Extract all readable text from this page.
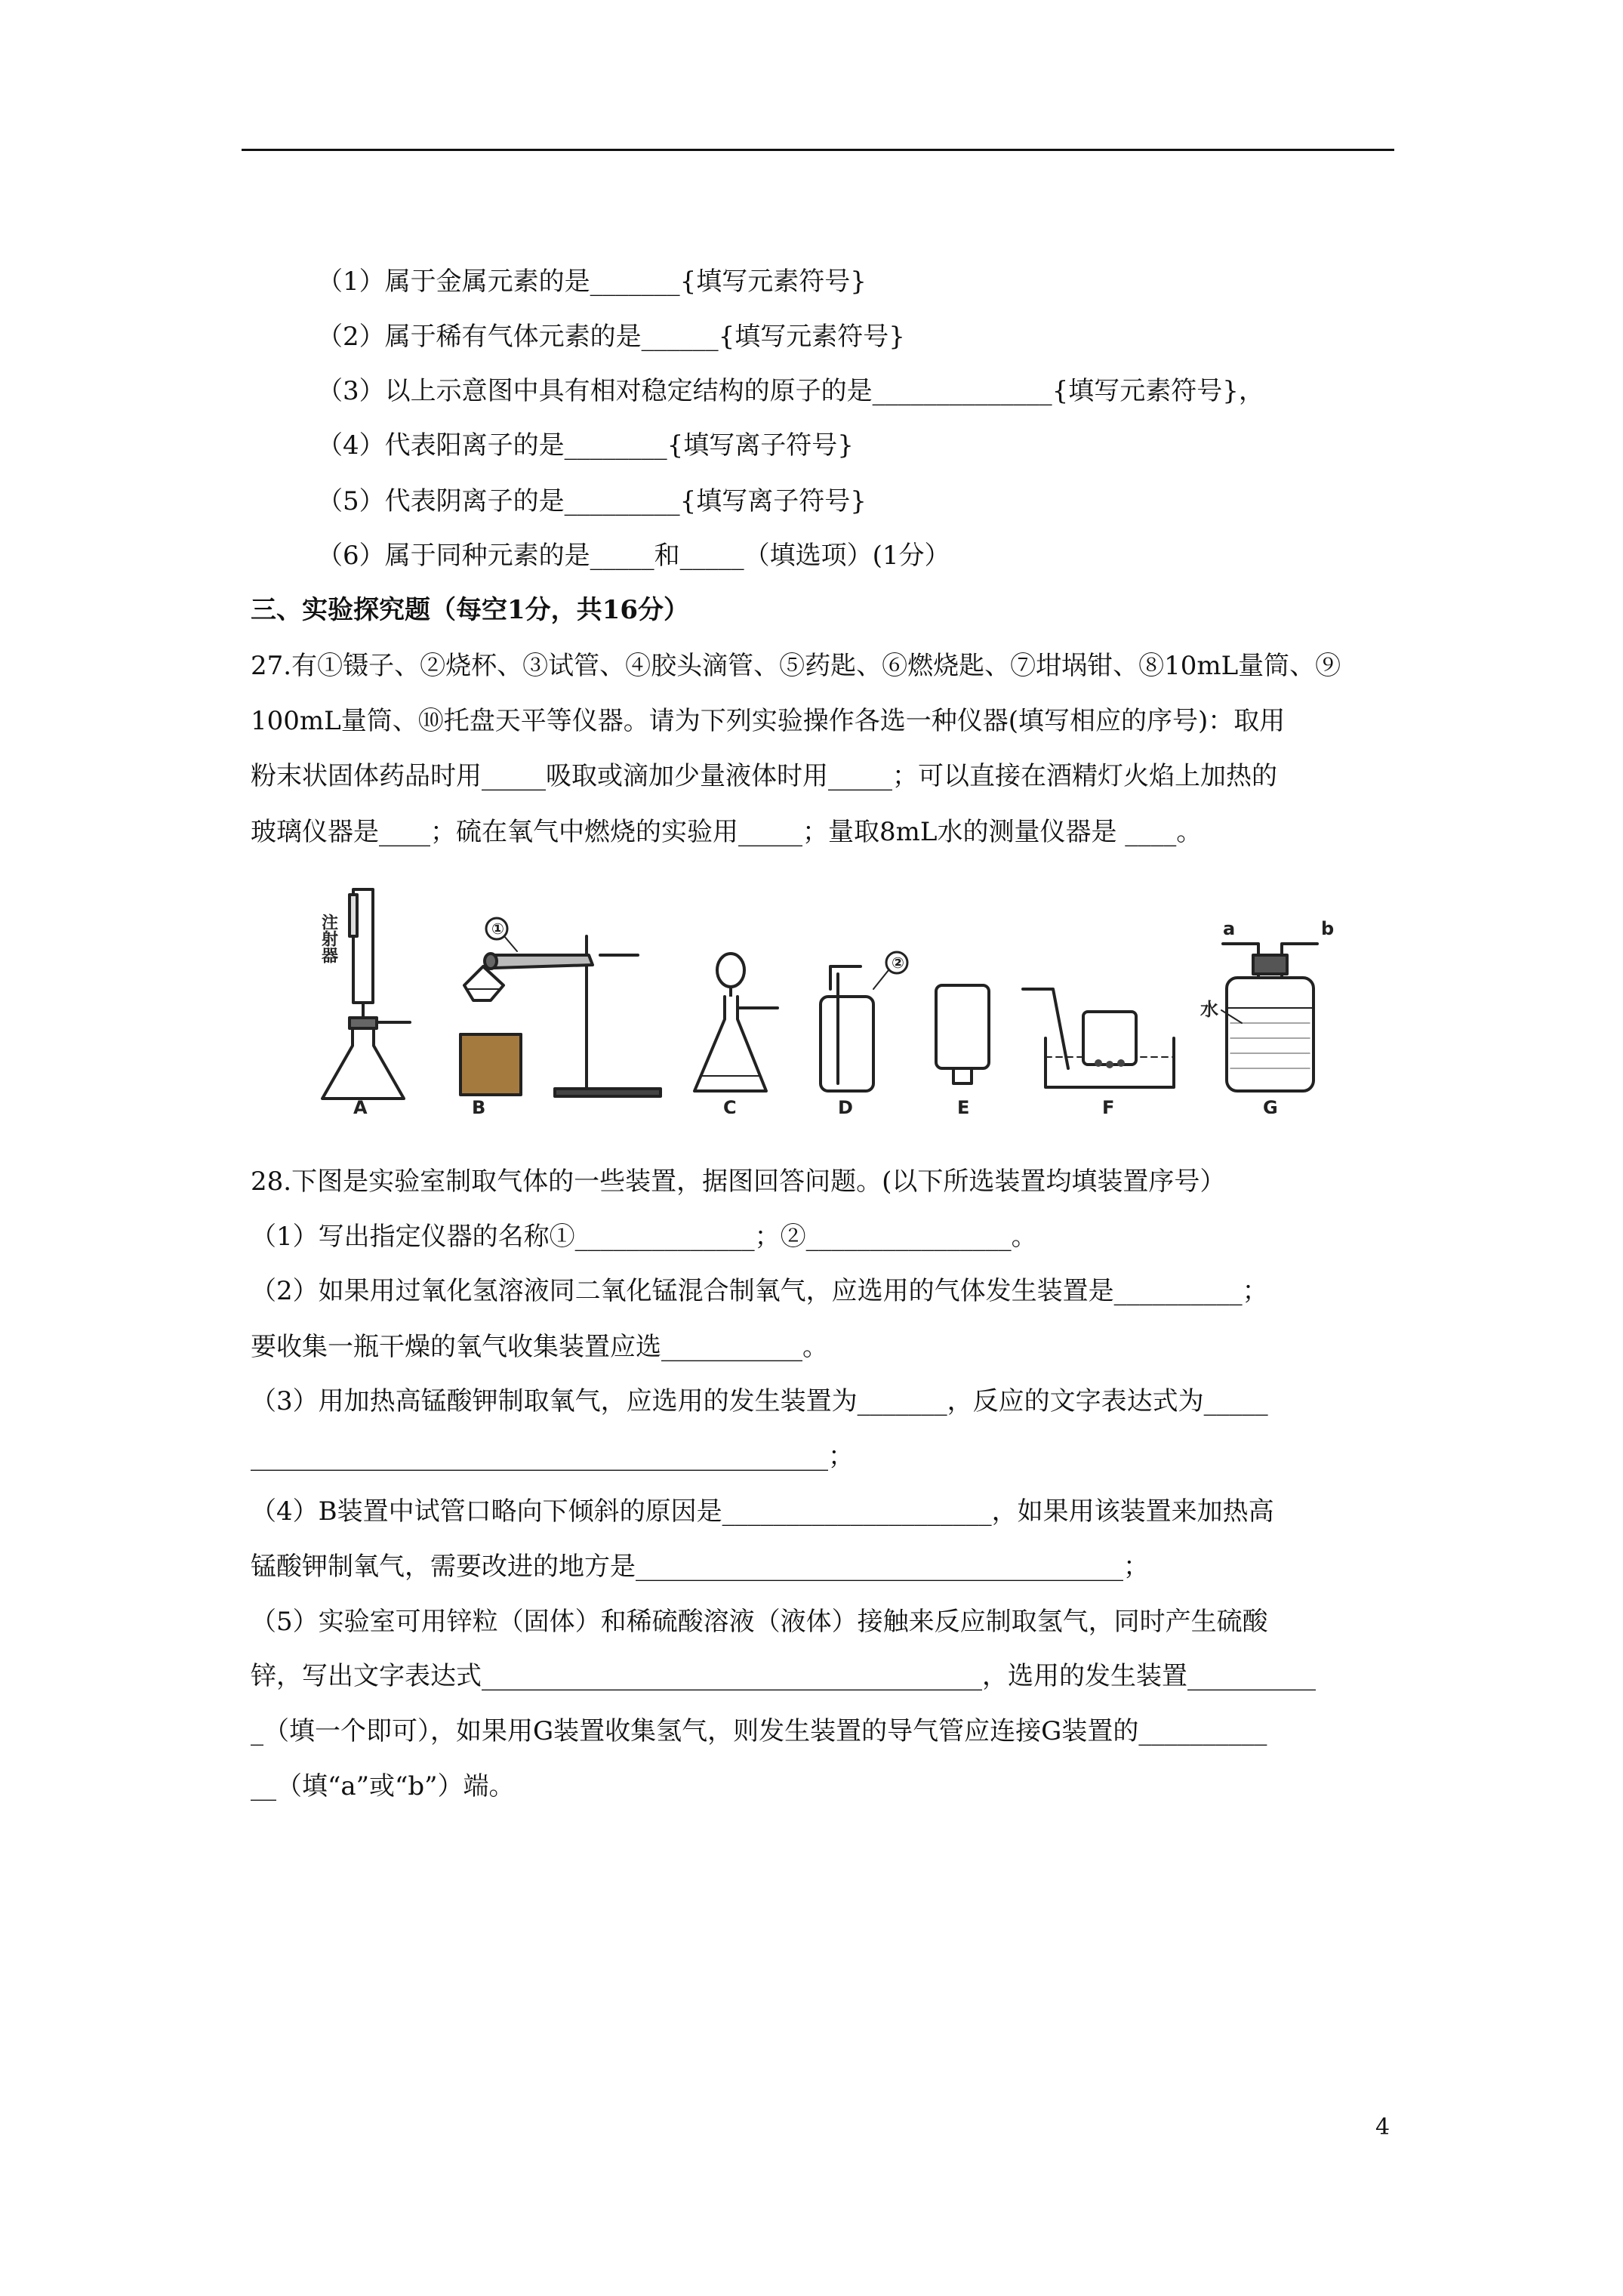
（1）属于金属元素的是_______{填写元素符号}
（2）属于稀有气体元素的是______{填写元素符号}
（3）以上示意图中具有相对稳定结构的原子的是______________{填写元素符号}，
（4）代表阳离子的是________{填写离子符号}
（5）代表阴离子的是_________{填写离子符号}
（6）属于同种元素的是_____和_____（填选项）(1分）
三、实验探究题（每空1分，共16分）
27.有①镊子、②烧杯、③试管、④胶头滴管、⑤药匙、⑥燃烧匙、⑦坩埚钳、⑧10mL量筒、⑨
100mL量筒、⑩托盘天平等仪器。请为下列实验操作各选一种仪器(填写相应的序号)：取用
粉末状固体药品时用_____吸取或滴加少量液体时用_____；可以直接在酒精灯火焰上加热的
玻璃仪器是____；硫在氧气中燃烧的实验用_____；量取8mL水的测量仪器是 ____。
注射器
A
①
B	C
②
D	E	F
a	b
水
G
28.下图是实验室制取气体的一些装置，据图回答问题。(以下所选装置均填装置序号）
（1）写出指定仪器的名称①______________；②________________。
（2）如果用过氧化氢溶液同二氧化锰混合制氧气，应选用的气体发生装置是__________；
要收集一瓶干燥的氧气收集装置应选___________。
（3）用加热高锰酸钾制取氧气，应选用的发生装置为_______，反应的文字表达式为_____
_____________________________________________；
（4）B装置中试管口略向下倾斜的原因是_____________________，如果用该装置来加热高
锰酸钾制氧气，需要改进的地方是______________________________________；
（5）实验室可用锌粒（固体）和稀硫酸溶液（液体）接触来反应制取氢气，同时产生硫酸
锌，写出文字表达式_______________________________________，选用的发生装置__________
_（填一个即可），如果用G装置收集氢气，则发生装置的导气管应连接G装置的__________
__（填“a”或“b”）端。
4
